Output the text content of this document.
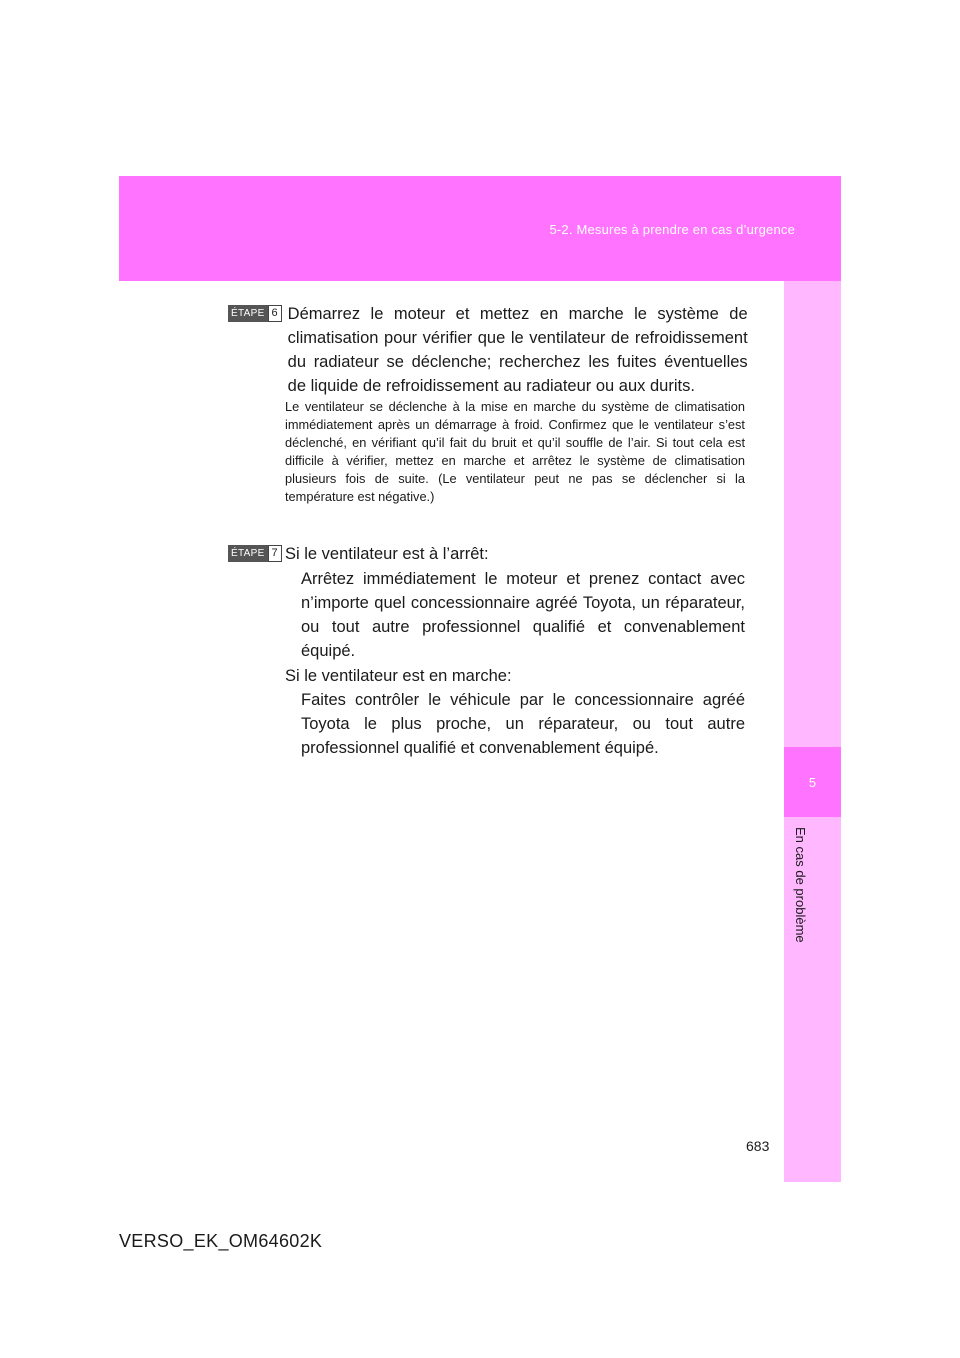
5-2. Mesures à prendre en cas d’urgence
5
En cas de problème
ÉTAPE 6 Démarrez le moteur et mettez en marche le système de climatisation pour vérifier que le ventilateur de refroidissement du radiateur se déclenche; recherchez les fuites éventuelles de liquide de refroidissement au radiateur ou aux durits.

Le ventilateur se déclenche à la mise en marche du système de climatisation immédiatement après un démarrage à froid. Confirmez que le ventilateur s’est déclenché, en vérifiant qu’il fait du bruit et qu’il souffle de l’air. Si tout cela est difficile à vérifier, mettez en marche et arrêtez le système de climatisation plusieurs fois de suite. (Le ventilateur peut ne pas se déclencher si la température est négative.)

ÉTAPE 7 Si le ventilateur est à l’arrêt:

Arrêtez immédiatement le moteur et prenez contact avec n’importe quel concessionnaire agréé Toyota, un réparateur, ou tout autre professionnel qualifié et convenablement équipé.

Si le ventilateur est en marche:

Faites contrôler le véhicule par le concessionnaire agréé Toyota le plus proche, un réparateur, ou tout autre professionnel qualifié et convenablement équipé.

683
VERSO_EK_OM64602K
